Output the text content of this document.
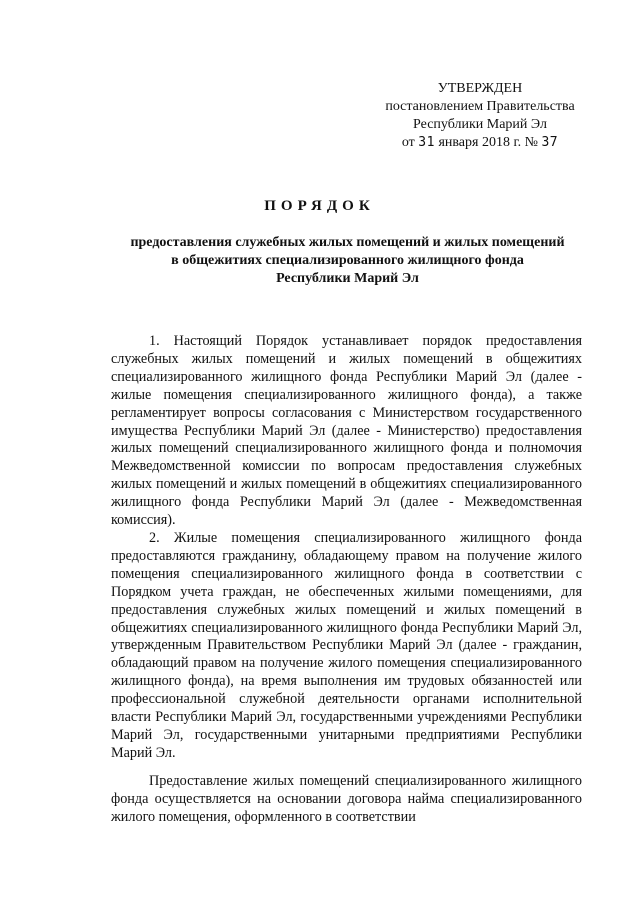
УТВЕРЖДЕН
постановлением Правительства
Республики Марий Эл
от 31 января 2018 г. № 37
ПОРЯДОК
предоставления служебных жилых помещений и жилых помещений
в общежитиях специализированного жилищного фонда
Республики Марий Эл

1. Настоящий Порядок устанавливает порядок предоставления служебных жилых помещений и жилых помещений в общежитиях специализированного жилищного фонда Республики Марий Эл (далее - жилые помещения специализированного жилищного фонда), а также регламентирует вопросы согласования с Министерством государственного имущества Республики Марий Эл (далее - Министерство) предоставления жилых помещений специализированного жилищного фонда и полномочия Межведомственной комиссии по вопросам предоставления служебных жилых помещений и жилых помещений в общежитиях специализированного жилищного фонда Республики Марий Эл (далее - Межведомственная комиссия).

2. Жилые помещения специализированного жилищного фонда предоставляются гражданину, обладающему правом на получение жилого помещения специализированного жилищного фонда в соответствии с Порядком учета граждан, не обеспеченных жилыми помещениями, для предоставления служебных жилых помещений и жилых помещений в общежитиях специализированного жилищного фонда Республики Марий Эл, утвержденным Правительством Республики Марий Эл (далее - гражданин, обладающий правом на получение жилого помещения специализированного жилищного фонда), на время выполнения им трудовых обязанностей или профессиональной служебной деятельности органами исполнительной власти Республики Марий Эл, государственными учреждениями Республики Марий Эл, государственными унитарными предприятиями Республики Марий Эл.

Предоставление жилых помещений специализированного жилищного фонда осуществляется на основании договора найма специализированного жилого помещения, оформленного в соответствии
